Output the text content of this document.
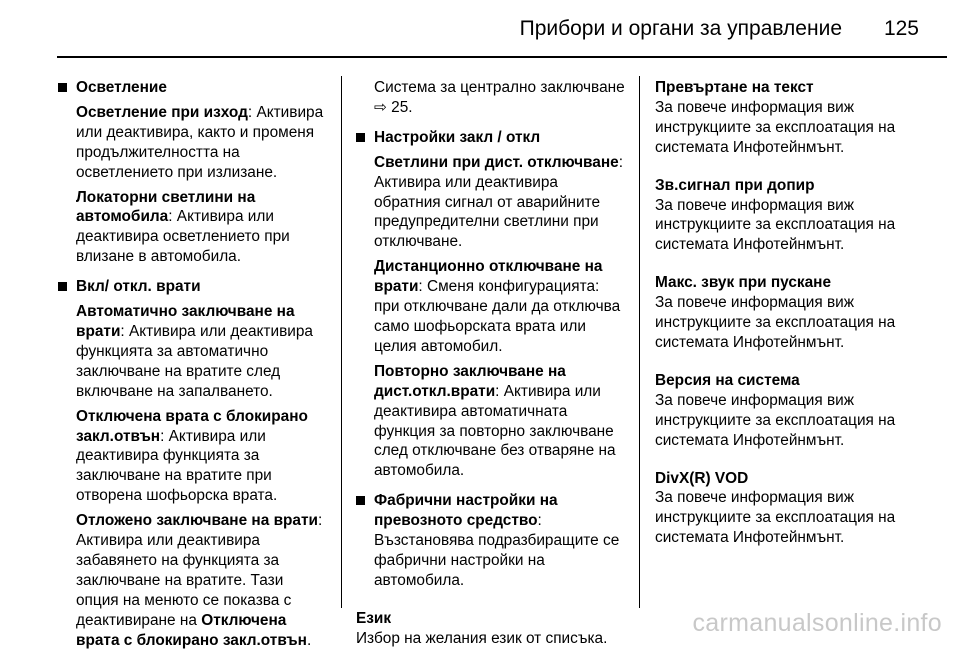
Прибори и органи за управление 125

Осветление

Осветление при изход: Активира или деактивира, както и променя продължителността на осветлението при излизане.

Локаторни светлини на автомобила: Активира или деактивира осветлението при влизане в автомобила.

Вкл/ откл. врати

Автоматично заключване на врати: Активира или деактивира функцията за автоматично заключване на вратите след включване на запалването.

Отключена врата с блокирано закл.отвън: Активира или деактивира функцията за заключване на вратите при отворена шофьорска врата.

Отложено заключване на врати: Активира или деактивира забавянето на функцията за заключване на вратите. Тази опция на менюто се показва с деактивиране на Отключена врата с блокирано закл.отвън.

Система за централно заключване ⇨ 25.

Настройки закл / откл

Светлини при дист. отключване: Активира или деактивира обратния сигнал от аварийните предупредителни светлини при отключване.

Дистанционно отключване на врати: Сменя конфигурацията: при отключване дали да отключва само шофьорската врата или целия автомобил.

Повторно заключване на дист.откл.врати: Активира или деактивира автоматичната функция за повторно заключване след отключване без отваряне на автомобила.

Фабрични настройки на превозното средство: Възстановява подразбиращите се фабрични настройки на автомобила.

Език

Избор на желания език от списъка.

Превъртане на текст

За повече информация виж инструкциите за експлоатация на системата Инфотейнмънт.

Зв.сигнал при допир

За повече информация виж инструкциите за експлоатация на системата Инфотейнмънт.

Макс. звук при пускане

За повече информация виж инструкциите за експлоатация на системата Инфотейнмънт.

Версия на система

За повече информация виж инструкциите за експлоатация на системата Инфотейнмънт.

DivX(R) VOD

За повече информация виж инструкциите за експлоатация на системата Инфотейнмънт.

carmanualsonline.info
